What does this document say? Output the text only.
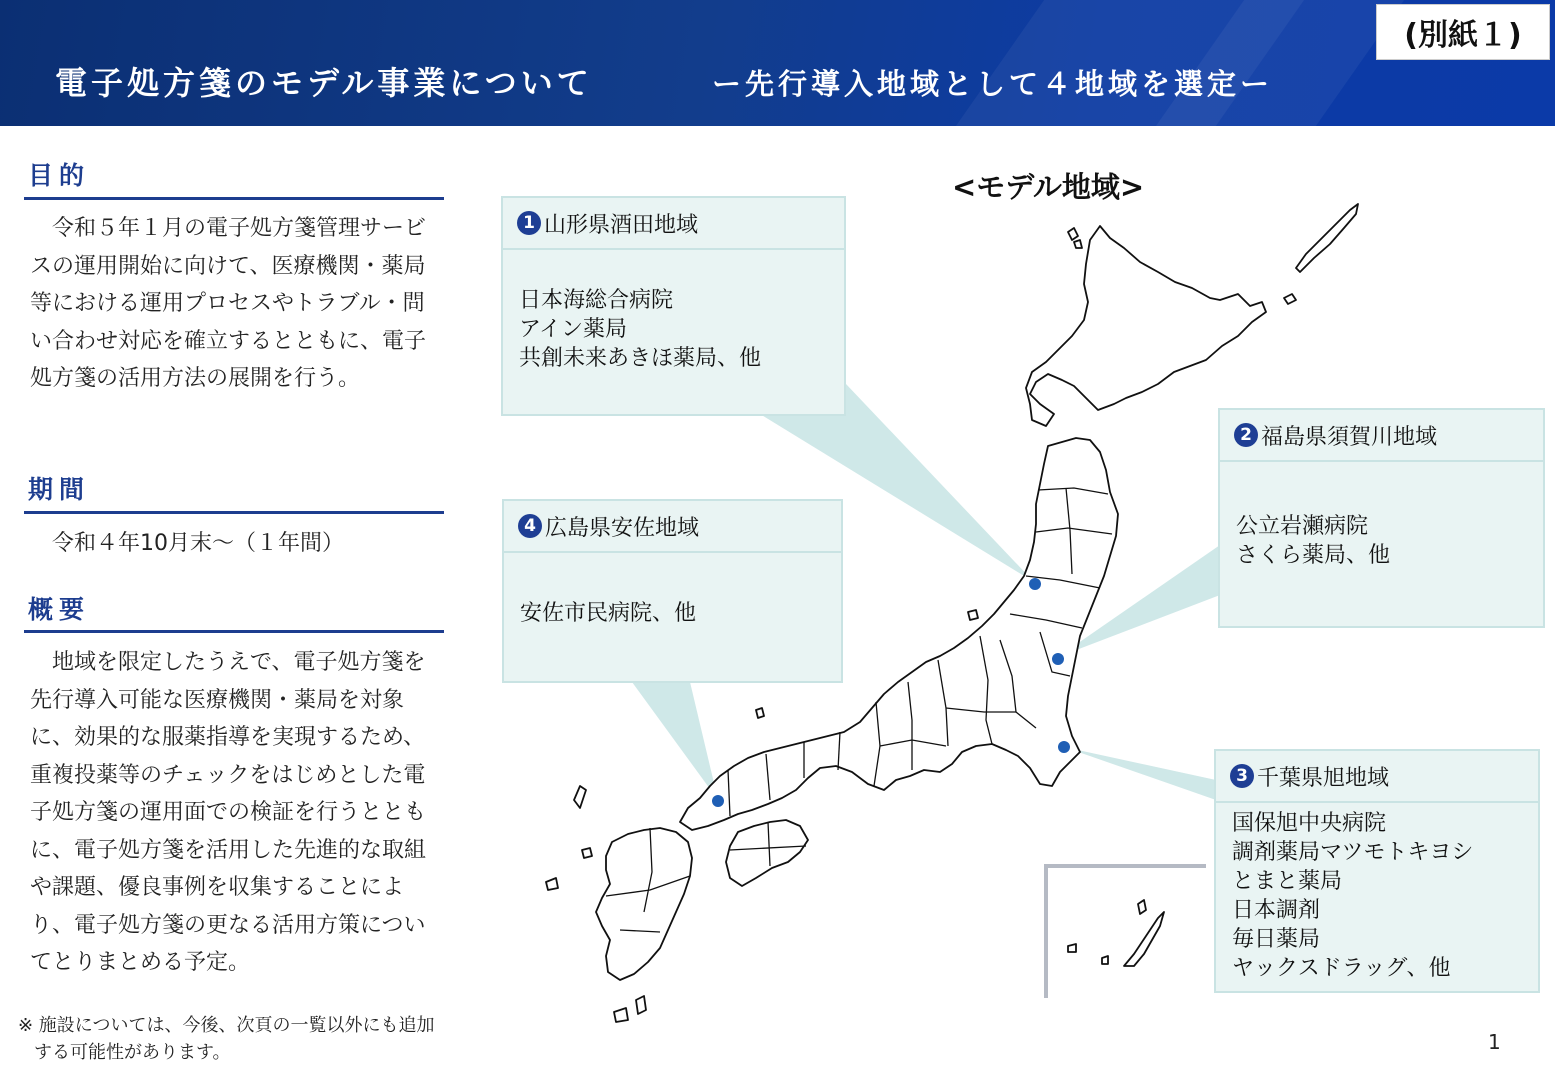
電子処方箋のモデル事業について	ー先行導入地域として４地域を選定ー
(別紙１)
目的
令和５年１月の電子処方箋管理サービスの運用開始に向けて、医療機関・薬局等における運用プロセスやトラブル・問い合わせ対応を確立するとともに、電子処方箋の活用方法の展開を行う。
期間
令和４年10月末～（１年間）
概要
地域を限定したうえで、電子処方箋を先行導入可能な医療機関・薬局を対象に、効果的な服薬指導を実現するため、重複投薬等のチェックをはじめとした電子処方箋の運用面での検証を行うとともに、電子処方箋を活用した先進的な取組や課題、優良事例を収集することにより、電子処方箋の更なる活用方策についてとりまとめる予定。
※ 施設については、今後、次頁の一覧以外にも追加
する可能性があります。	1
<モデル地域>
1 山形県酒田地域
日本海総合病院
アイン薬局
共創未来あきほ薬局、他
2 福島県須賀川地域
公立岩瀬病院
さくら薬局、他
3 千葉県旭地域
国保旭中央病院
調剤薬局マツモトキヨシ
とまと薬局
日本調剤
毎日薬局
ヤックスドラッグ、他
4 広島県安佐地域
安佐市民病院、他
